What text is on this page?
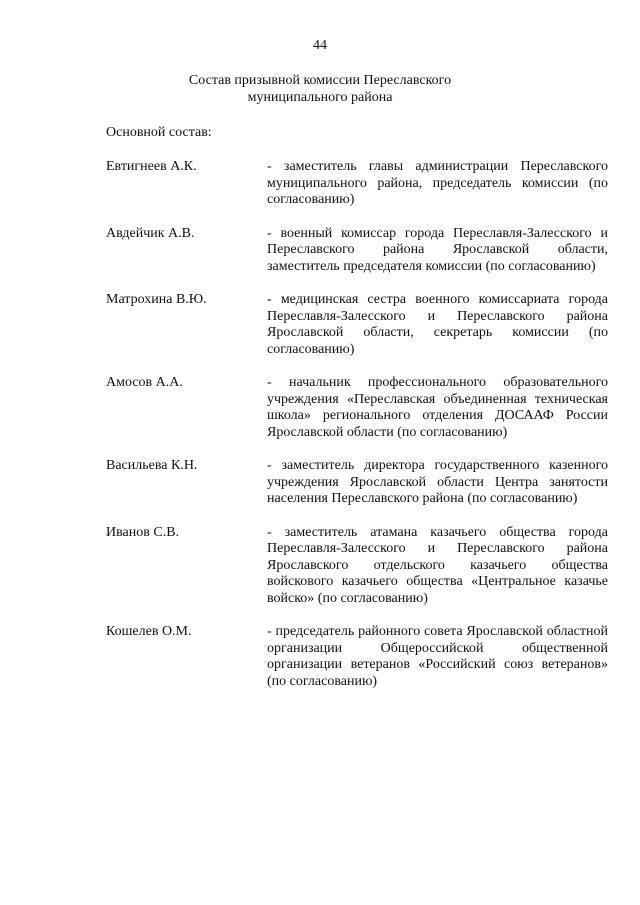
44
Состав призывной комиссии Переславского
муниципального района
Основной состав:
Евтигнеев А.К.	- заместитель главы администрации Переславского муниципального района, председатель комиссии (по согласованию)
Авдейчик А.В.	- военный комиссар города Переславля-Залесского и Переславского района Ярославской области, заместитель председателя комиссии (по согласованию)
Матрохина В.Ю.	- медицинская сестра военного комиссариата города Переславля-Залесского и Переславского района Ярославской области, секретарь комиссии (по согласованию)
Амосов А.А.	- начальник профессионального образовательного учреждения «Переславская объединенная техническая школа» регионального отделения ДОСААФ России Ярославской области (по согласованию)
Васильева К.Н.	- заместитель директора государственного казенного учреждения Ярославской области Центра занятости населения Переславского района (по согласованию)
Иванов С.В.	- заместитель атамана казачьего общества города Переславля-Залесского и Переславского района Ярославского отдельского казачьего общества войскового казачьего общества «Центральное казачье войско» (по согласованию)
Кошелев О.М.	- председатель районного совета Ярославской областной организации Общероссийской общественной организации ветеранов «Российский союз ветеранов» (по согласованию)
